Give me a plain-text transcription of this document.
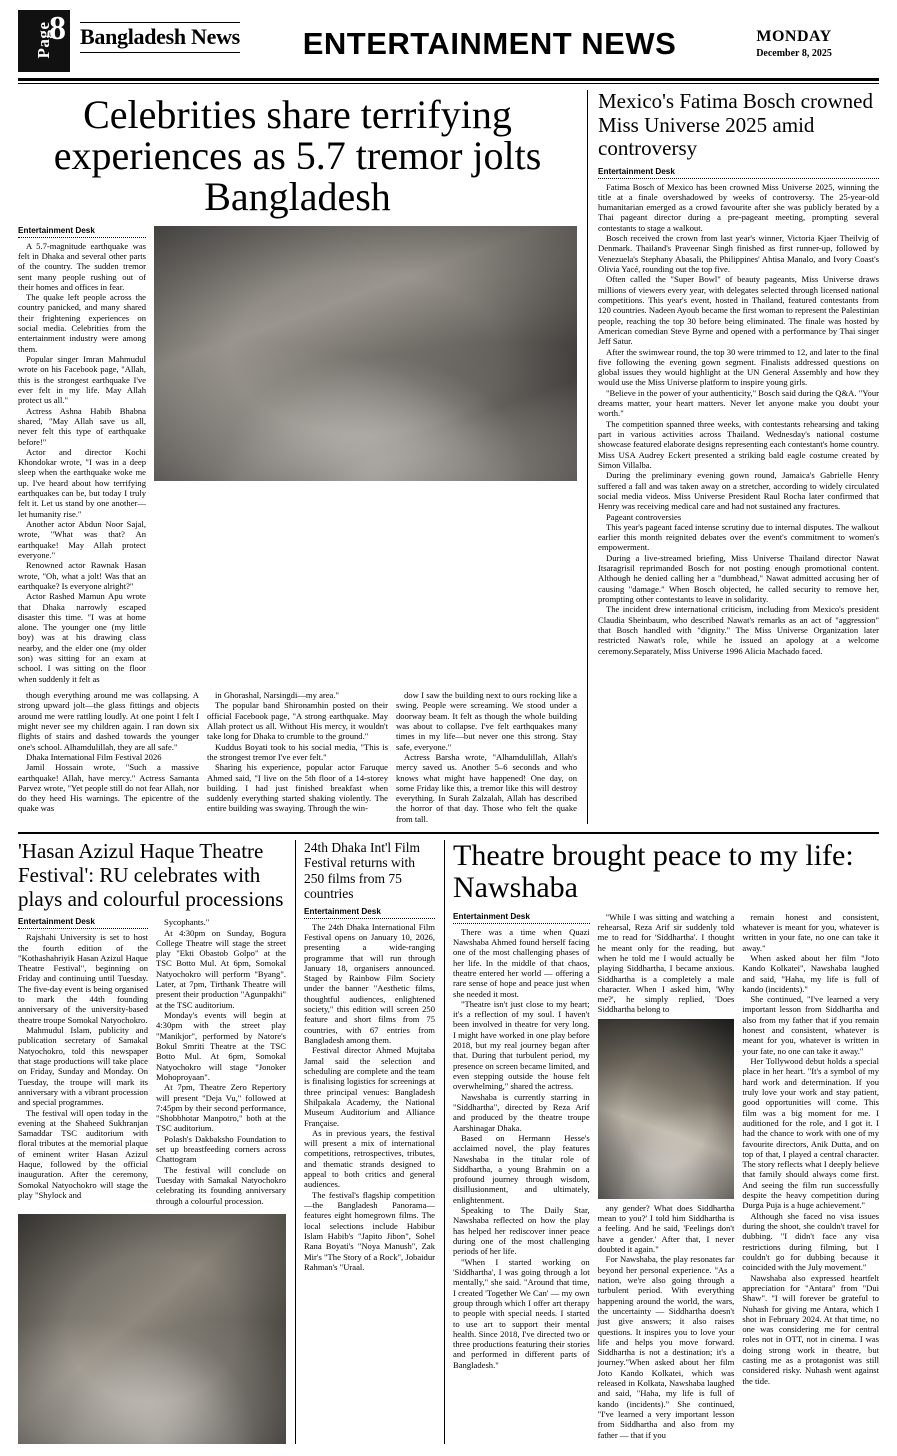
Page
8 Bangladesh News	ENTERTAINMENT NEWS	MONDAY
December 8, 2025
Celebrities share terrifying experiences as 5.7 tremor jolts Bangladesh
Entertainment Desk

A 5.7-magnitude earthquake was felt in Dhaka and several other parts of the country. The sudden tremor sent many people rushing out of their homes and offices in fear.

The quake left people across the country panicked, and many shared their frightening experiences on social media. Celebrities from the entertainment industry were among them.

Popular singer Imran Mahmudul wrote on his Facebook page, "Allah, this is the strongest earthquake I've ever felt in my life. May Allah protect us all."

Actress Ashna Habib Bhabna shared, "May Allah save us all, never felt this type of earthquake before!"

Actor and director Kochi Khondokar wrote, "I was in a deep sleep when the earthquake woke me up. I've heard about how terrifying earthquakes can be, but today I truly felt it. Let us stand by one another—let humanity rise."

Another actor Abdun Noor Sajal, wrote, "What was that? An earthquake! May Allah protect everyone."

Renowned actor Rawnak Hasan wrote, "Oh, what a jolt! Was that an earthquake? Is everyone alright?"

Actor Rashed Mamun Apu wrote that Dhaka narrowly escaped disaster this time. "I was at home alone. The younger one (my little boy) was at his drawing class nearby, and the elder one (my older son) was sitting for an exam at school. I was sitting on the floor when suddenly it felt as

though everything around me was collapsing. A strong upward jolt—the glass fittings and objects around me were rattling loudly. At one point I felt I might never see my children again. I ran down six flights of stairs and dashed towards the younger one's school. Alhamdulillah, they are all safe."

Dhaka International Film Festival 2026

Jamil Hossain wrote, "Such a massive earthquake! Allah, have mercy." Actress Samanta Parvez wrote, "Yet people still do not fear Allah, nor do they heed His warnings. The epicentre of the quake was

in Ghorashal, Narsingdi—my area."

The popular band Shironamhin posted on their official Facebook page, "A strong earthquake. May Allah protect us all. Without His mercy, it wouldn't take long for Dhaka to crumble to the ground."

Kuddus Boyati took to his social media, "This is the strongest tremor I've ever felt."

Sharing his experience, popular actor Faruque Ahmed said, "I live on the 5th floor of a 14-storey building. I had just finished breakfast when suddenly everything started shaking violently. The entire building was swaying. Through the win-

dow I saw the building next to ours rocking like a swing. People were screaming. We stood under a doorway beam. It felt as though the whole building was about to collapse. I've felt earthquakes many times in my life—but never one this strong. Stay safe, everyone."

Actress Barsha wrote, "Alhamdulillah, Allah's mercy saved us. Another 5–6 seconds and who knows what might have happened! One day, on some Friday like this, a tremor like this will destroy everything. In Surah Zalzalah, Allah has described the horror of that day. Those who felt the quake from tall.

Mexico's Fatima Bosch crowned Miss Universe 2025 amid controversy
Entertainment Desk

Fatima Bosch of Mexico has been crowned Miss Universe 2025, winning the title at a finale overshadowed by weeks of controversy. The 25-year-old humanitarian emerged as a crowd favourite after she was publicly berated by a Thai pageant director during a pre-pageant meeting, prompting several contestants to stage a walkout.

Bosch received the crown from last year's winner, Victoria Kjaer Theilvig of Denmark. Thailand's Praveenar Singh finished as first runner-up, followed by Venezuela's Stephany Abasali, the Philippines' Ahtisa Manalo, and Ivory Coast's Olivia Yacé, rounding out the top five.

Often called the "Super Bowl" of beauty pageants, Miss Universe draws millions of viewers every year, with delegates selected through licensed national competitions. This year's event, hosted in Thailand, featured contestants from 120 countries. Nadeen Ayoub became the first woman to represent the Palestinian people, reaching the top 30 before being eliminated. The finale was hosted by American comedian Steve Byrne and opened with a performance by Thai singer Jeff Satur.

After the swimwear round, the top 30 were trimmed to 12, and later to the final five following the evening gown segment. Finalists addressed questions on global issues they would highlight at the UN General Assembly and how they would use the Miss Universe platform to inspire young girls.

"Believe in the power of your authenticity," Bosch said during the Q&A. "Your dreams matter, your heart matters. Never let anyone make you doubt your worth."

The competition spanned three weeks, with contestants rehearsing and taking part in various activities across Thailand. Wednesday's national costume showcase featured elaborate designs representing each contestant's home country. Miss USA Audrey Eckert presented a striking bald eagle costume created by Simon Villalba.

During the preliminary evening gown round, Jamaica's Gabrielle Henry suffered a fall and was taken away on a stretcher, according to widely circulated social media videos. Miss Universe President Raul Rocha later confirmed that Henry was receiving medical care and had not sustained any fractures.

Pageant controversies

This year's pageant faced intense scrutiny due to internal disputes. The walkout earlier this month reignited debates over the event's commitment to women's empowerment.

During a live-streamed briefing, Miss Universe Thailand director Nawat Itsaragrisil reprimanded Bosch for not posting enough promotional content. Although he denied calling her a "dumbhead," Nawat admitted accusing her of causing "damage." When Bosch objected, he called security to remove her, prompting other contestants to leave in solidarity.

The incident drew international criticism, including from Mexico's president Claudia Sheinbaum, who described Nawat's remarks as an act of "aggression" that Bosch handled with "dignity." The Miss Universe Organization later restricted Nawat's role, while he issued an apology at a welcome ceremony.Separately, Miss Universe 1996 Alicia Machado faced.

'Hasan Azizul Haque Theatre Festival': RU celebrates with plays and colourful processions
Entertainment Desk

Rajshahi University is set to host the fourth edition of the "Kothashahriyik Hasan Azizul Haque Theatre Festival", beginning on Friday and continuing until Tuesday. The five-day event is being organised to mark the 44th founding anniversary of the university-based theatre troupe Somokal Natyochokro.

Mahmudul Islam, publicity and publication secretary of Samakal Natyochokro, told this newspaper that stage productions will take place on Friday, Sunday and Monday. On Tuesday, the troupe will mark its anniversary with a vibrant procession and special programmes.

The festival will open today in the evening at the Shaheed Sukhranjan Samaddar TSC auditorium with floral tributes at the memorial plaque of eminent writer Hasan Azizul Haque, followed by the official inauguration. After the ceremony, Somokal Natyochokro will stage the play "Shylock and

Sycophants."

At 4:30pm on Sunday, Bogura College Theatre will stage the street play "Ekti Obastob Golpo" at the TSC Botto Mul. At 6pm, Somokal Natyochokro will perform "Byang". Later, at 7pm, Tirthank Theatre will present their production "Agunpakhi" at the TSC auditorium.

Monday's events will begin at 4:30pm with the street play "Manikjor", performed by Natore's Bokul Smriti Theatre at the TSC Botto Mul. At 6pm, Somokal Natyochokro will stage "Jonoker Mohoproyaan".

At 7pm, Theatre Zero Repertory will present "Deja Vu," followed at 7:45pm by their second performance, "Shobbhotar Manpotro," both at the TSC auditorium.

Polash's Dakbaksho Foundation to set up breastfeeding corners across Chattogram

The festival will conclude on Tuesday with Samakal Natyochokro celebrating its founding anniversary through a colourful procession.

24th Dhaka Int'l Film Festival returns with 250 films from 75 countries
Entertainment Desk

The 24th Dhaka International Film Festival opens on January 10, 2026, presenting a wide-ranging programme that will run through January 18, organisers announced. Staged by Rainbow Film Society under the banner "Aesthetic films, thoughtful audiences, enlightened society," this edition will screen 250 feature and short films from 75 countries, with 67 entries from Bangladesh among them.

Festival director Ahmed Mujtaba Jamal said the selection and scheduling are complete and the team is finalising logistics for screenings at three principal venues: Bangladesh Shilpakala Academy, the National Museum Auditorium and Alliance Française.

As in previous years, the festival will present a mix of international competitions, retrospectives, tributes, and thematic strands designed to appeal to both critics and general audiences.

The festival's flagship competition—the Bangladesh Panorama—features eight homegrown films. The local selections include Habibur Islam Habib's "Japito Jibon", Sohel Rana Boyati's "Noya Manush", Zak Mir's "The Story of a Rock", Jobaidur Rahman's "Uraal.

Theatre brought peace to my life: Nawshaba
Entertainment Desk

There was a time when Quazi Nawshaba Ahmed found herself facing one of the most challenging phases of her life. In the middle of that chaos, theatre entered her world — offering a rare sense of hope and peace just when she needed it most.

"Theatre isn't just close to my heart; it's a reflection of my soul. I haven't been involved in theatre for very long. I might have worked in one play before 2018, but my real journey began after that. During that turbulent period, my presence on screen became limited, and even stepping outside the house felt overwhelming," shared the actress.

Nawshaba is currently starring in "Siddhartha", directed by Reza Arif and produced by the theatre troupe Aarshinagar Dhaka.

Based on Hermann Hesse's acclaimed novel, the play features Nawshaba in the titular role of Siddhartha, a young Brahmin on a profound journey through wisdom, disillusionment, and ultimately, enlightenment.

Speaking to The Daily Star, Nawshaba reflected on how the play has helped her rediscover inner peace during one of the most challenging periods of her life.

"When I started working on 'Siddhartha', I was going through a lot mentally," she said. "Around that time, I created 'Together We Can' — my own group through which I offer art therapy to people with special needs. I started to use art to support their mental health. Since 2018, I've directed two or three productions featuring their stories and performed in different parts of Bangladesh."

"While I was sitting and watching a rehearsal, Reza Arif sir suddenly told me to read for 'Siddhartha'. I thought he meant only for the reading, but when he told me I would actually be playing Siddhartha, I became anxious. Siddhartha is a completely a male character. When I asked him, 'Why me?', he simply replied, 'Does Siddhartha belong to

any gender? What does Siddhartha mean to you?' I told him Siddhartha is a feeling. And he said, 'Feelings don't have a gender.' After that, I never doubted it again."

For Nawshaba, the play resonates far beyond her personal experience. "As a nation, we're also going through a turbulent period. With everything happening around the world, the wars, the uncertainty — Siddhartha doesn't just give answers; it also raises questions. It inspires you to love your life and helps you move forward. Siddhartha is not a destination; it's a journey."When asked about her film Joto Kando Kolkatei, which was released in Kolkata, Nawshaba laughed and said, "Haha, my life is full of kando (incidents)." She continued, "I've learned a very important lesson from Siddhartha and also from my father — that if you

remain honest and consistent, whatever is meant for you, whatever is written in your fate, no one can take it away."

When asked about her film "Joto Kando Kolkatei", Nawshaba laughed and said, "Haha, my life is full of kando (incidents)."

She continued, "I've learned a very important lesson from Siddhartha and also from my father that if you remain honest and consistent, whatever is meant for you, whatever is written in your fate, no one can take it away."

Her Tollywood debut holds a special place in her heart. "It's a symbol of my hard work and determination. If you truly love your work and stay patient, good opportunities will come. This film was a big moment for me. I auditioned for the role, and I got it. I had the chance to work with one of my favourite directors, Anik Dutta, and on top of that, I played a central character. The story reflects what I deeply believe that family should always come first. And seeing the film run successfully despite the heavy competition during Durga Puja is a huge achievement."

Although she faced no visa issues during the shoot, she couldn't travel for dubbing. "I didn't face any visa restrictions during filming, but I couldn't go for dubbing because it coincided with the July movement."

Nawshaba also expressed heartfelt appreciation for "Antara" from "Dui Shaw". "I will forever be grateful to Nuhash for giving me Antara, which I shot in February 2024. At that time, no one was considering me for central roles not in OTT, not in cinema. I was doing strong work in theatre, but casting me as a protagonist was still considered risky. Nuhash went against the tide.
